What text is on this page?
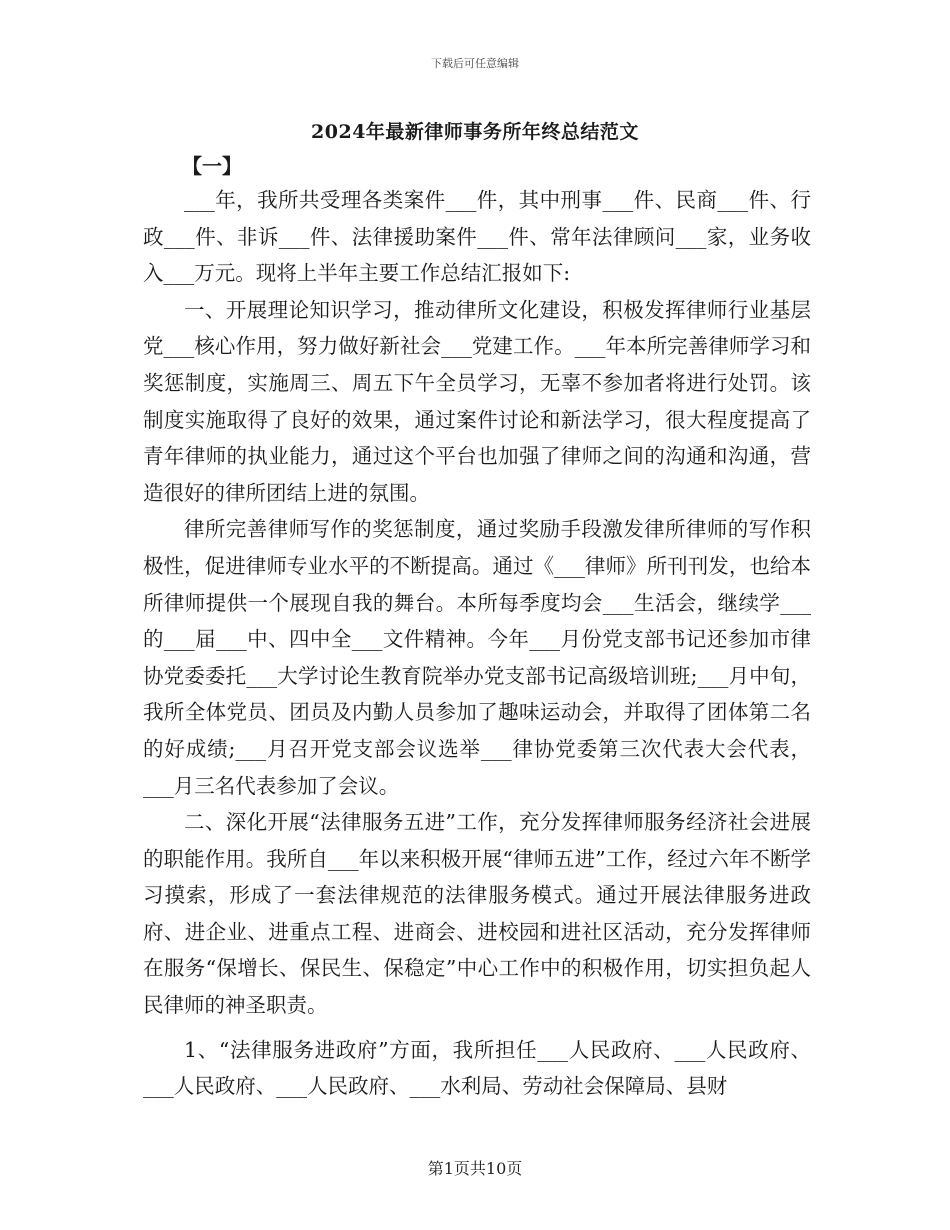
下载后可任意编辑
2024年最新律师事务所年终总结范文
【一】

___年，我所共受理各类案件___件，其中刑事___件、民商___件、行政___件、非诉___件、法律援助案件___件、常年法律顾问___家，业务收入___万元。现将上半年主要工作总结汇报如下:

一、开展理论知识学习，推动律所文化建设，积极发挥律师行业基层党___核心作用，努力做好新社会___党建工作。___年本所完善律师学习和奖惩制度，实施周三、周五下午全员学习，无辜不参加者将进行处罚。该制度实施取得了良好的效果，通过案件讨论和新法学习，很大程度提高了青年律师的执业能力，通过这个平台也加强了律师之间的沟通和沟通，营造很好的律所团结上进的氛围。

律所完善律师写作的奖惩制度，通过奖励手段激发律所律师的写作积极性，促进律师专业水平的不断提高。通过《___律师》所刊刊发，也给本所律师提供一个展现自我的舞台。本所每季度均会___生活会，继续学___的___届___中、四中全___文件精神。今年___月份党支部书记还参加市律协党委委托___大学讨论生教育院举办党支部书记高级培训班;___月中旬，我所全体党员、团员及内勤人员参加了趣味运动会，并取得了团体第二名的好成绩;___月召开党支部会议选举___律协党委第三次代表大会代表，___月三名代表参加了会议。

二、深化开展“法律服务五进”工作，充分发挥律师服务经济社会进展的职能作用。我所自___年以来积极开展“律师五进”工作，经过六年不断学习摸索，形成了一套法律规范的法律服务模式。通过开展法律服务进政府、进企业、进重点工程、进商会、进校园和进社区活动，充分发挥律师在服务“保增长、保民生、保稳定”中心工作中的积极作用，切实担负起人民律师的神圣职责。

1、“法律服务进政府”方面，我所担任___人民政府、___人民政府、___人民政府、___人民政府、___水利局、劳动社会保障局、县财

第1页共10页
